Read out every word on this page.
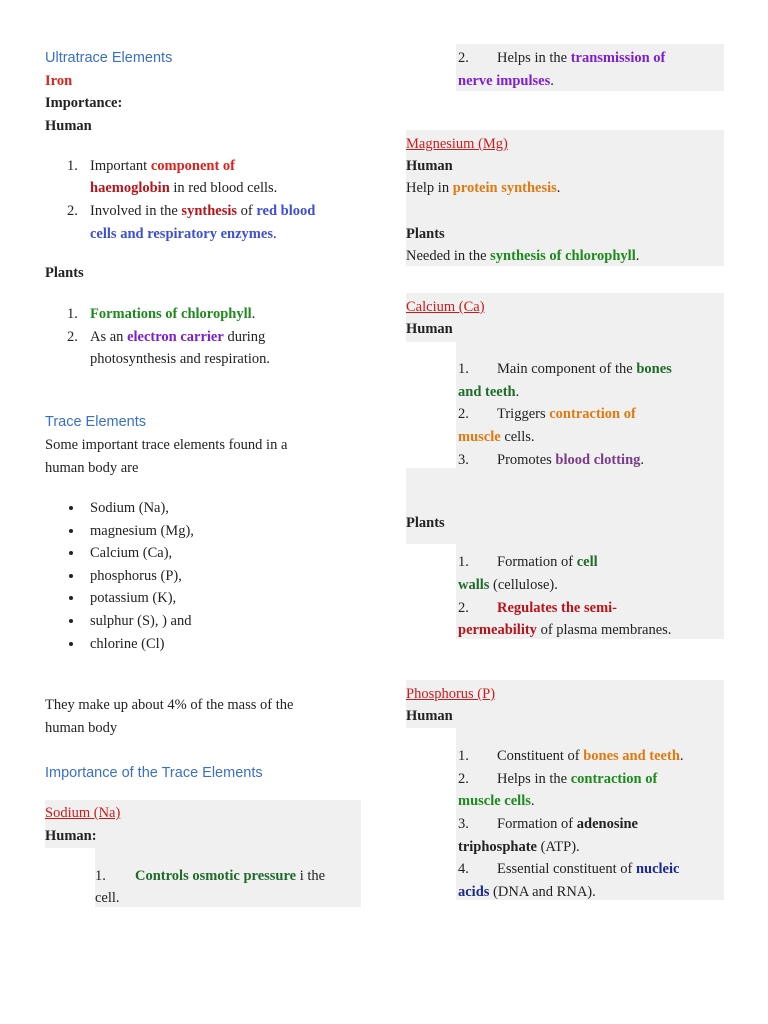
Ultratrace Elements
Iron
Importance:
Human
1. Important component of
haemoglobin in red blood cells.
2. Involved in the synthesis of red blood
cells and respiratory enzymes.
Plants
1. Formations of chlorophyll.
2. As an electron carrier during
photosynthesis and respiration.
Trace Elements
Some important trace elements found in a
human body are
Sodium (Na),
magnesium (Mg),
Calcium (Ca),
phosphorus (P),
potassium (K),
sulphur (S), ) and
chlorine (Cl)
They make up about 4% of the mass of the
human body
Importance of the Trace Elements
Sodium (Na)
Human:
1. Controls osmotic pressure i the
cell.
2. Helps in the transmission of
nerve impulses.
Magnesium (Mg)
Human
Help in protein synthesis.
Plants
Needed in the synthesis of chlorophyll.
Calcium (Ca)
Human
1. Main component of the bones
and teeth.
2. Triggers contraction of
muscle cells.
3. Promotes blood clotting.
Plants
1. Formation of cell
walls (cellulose).
2. Regulates the semi-
permeability of plasma membranes.
Phosphorus (P)
Human
1. Constituent of bones and teeth.
2. Helps in the contraction of
muscle cells.
3. Formation of adenosine
triphosphate (ATP).
4. Essential constituent of nucleic
acids (DNA and RNA).
